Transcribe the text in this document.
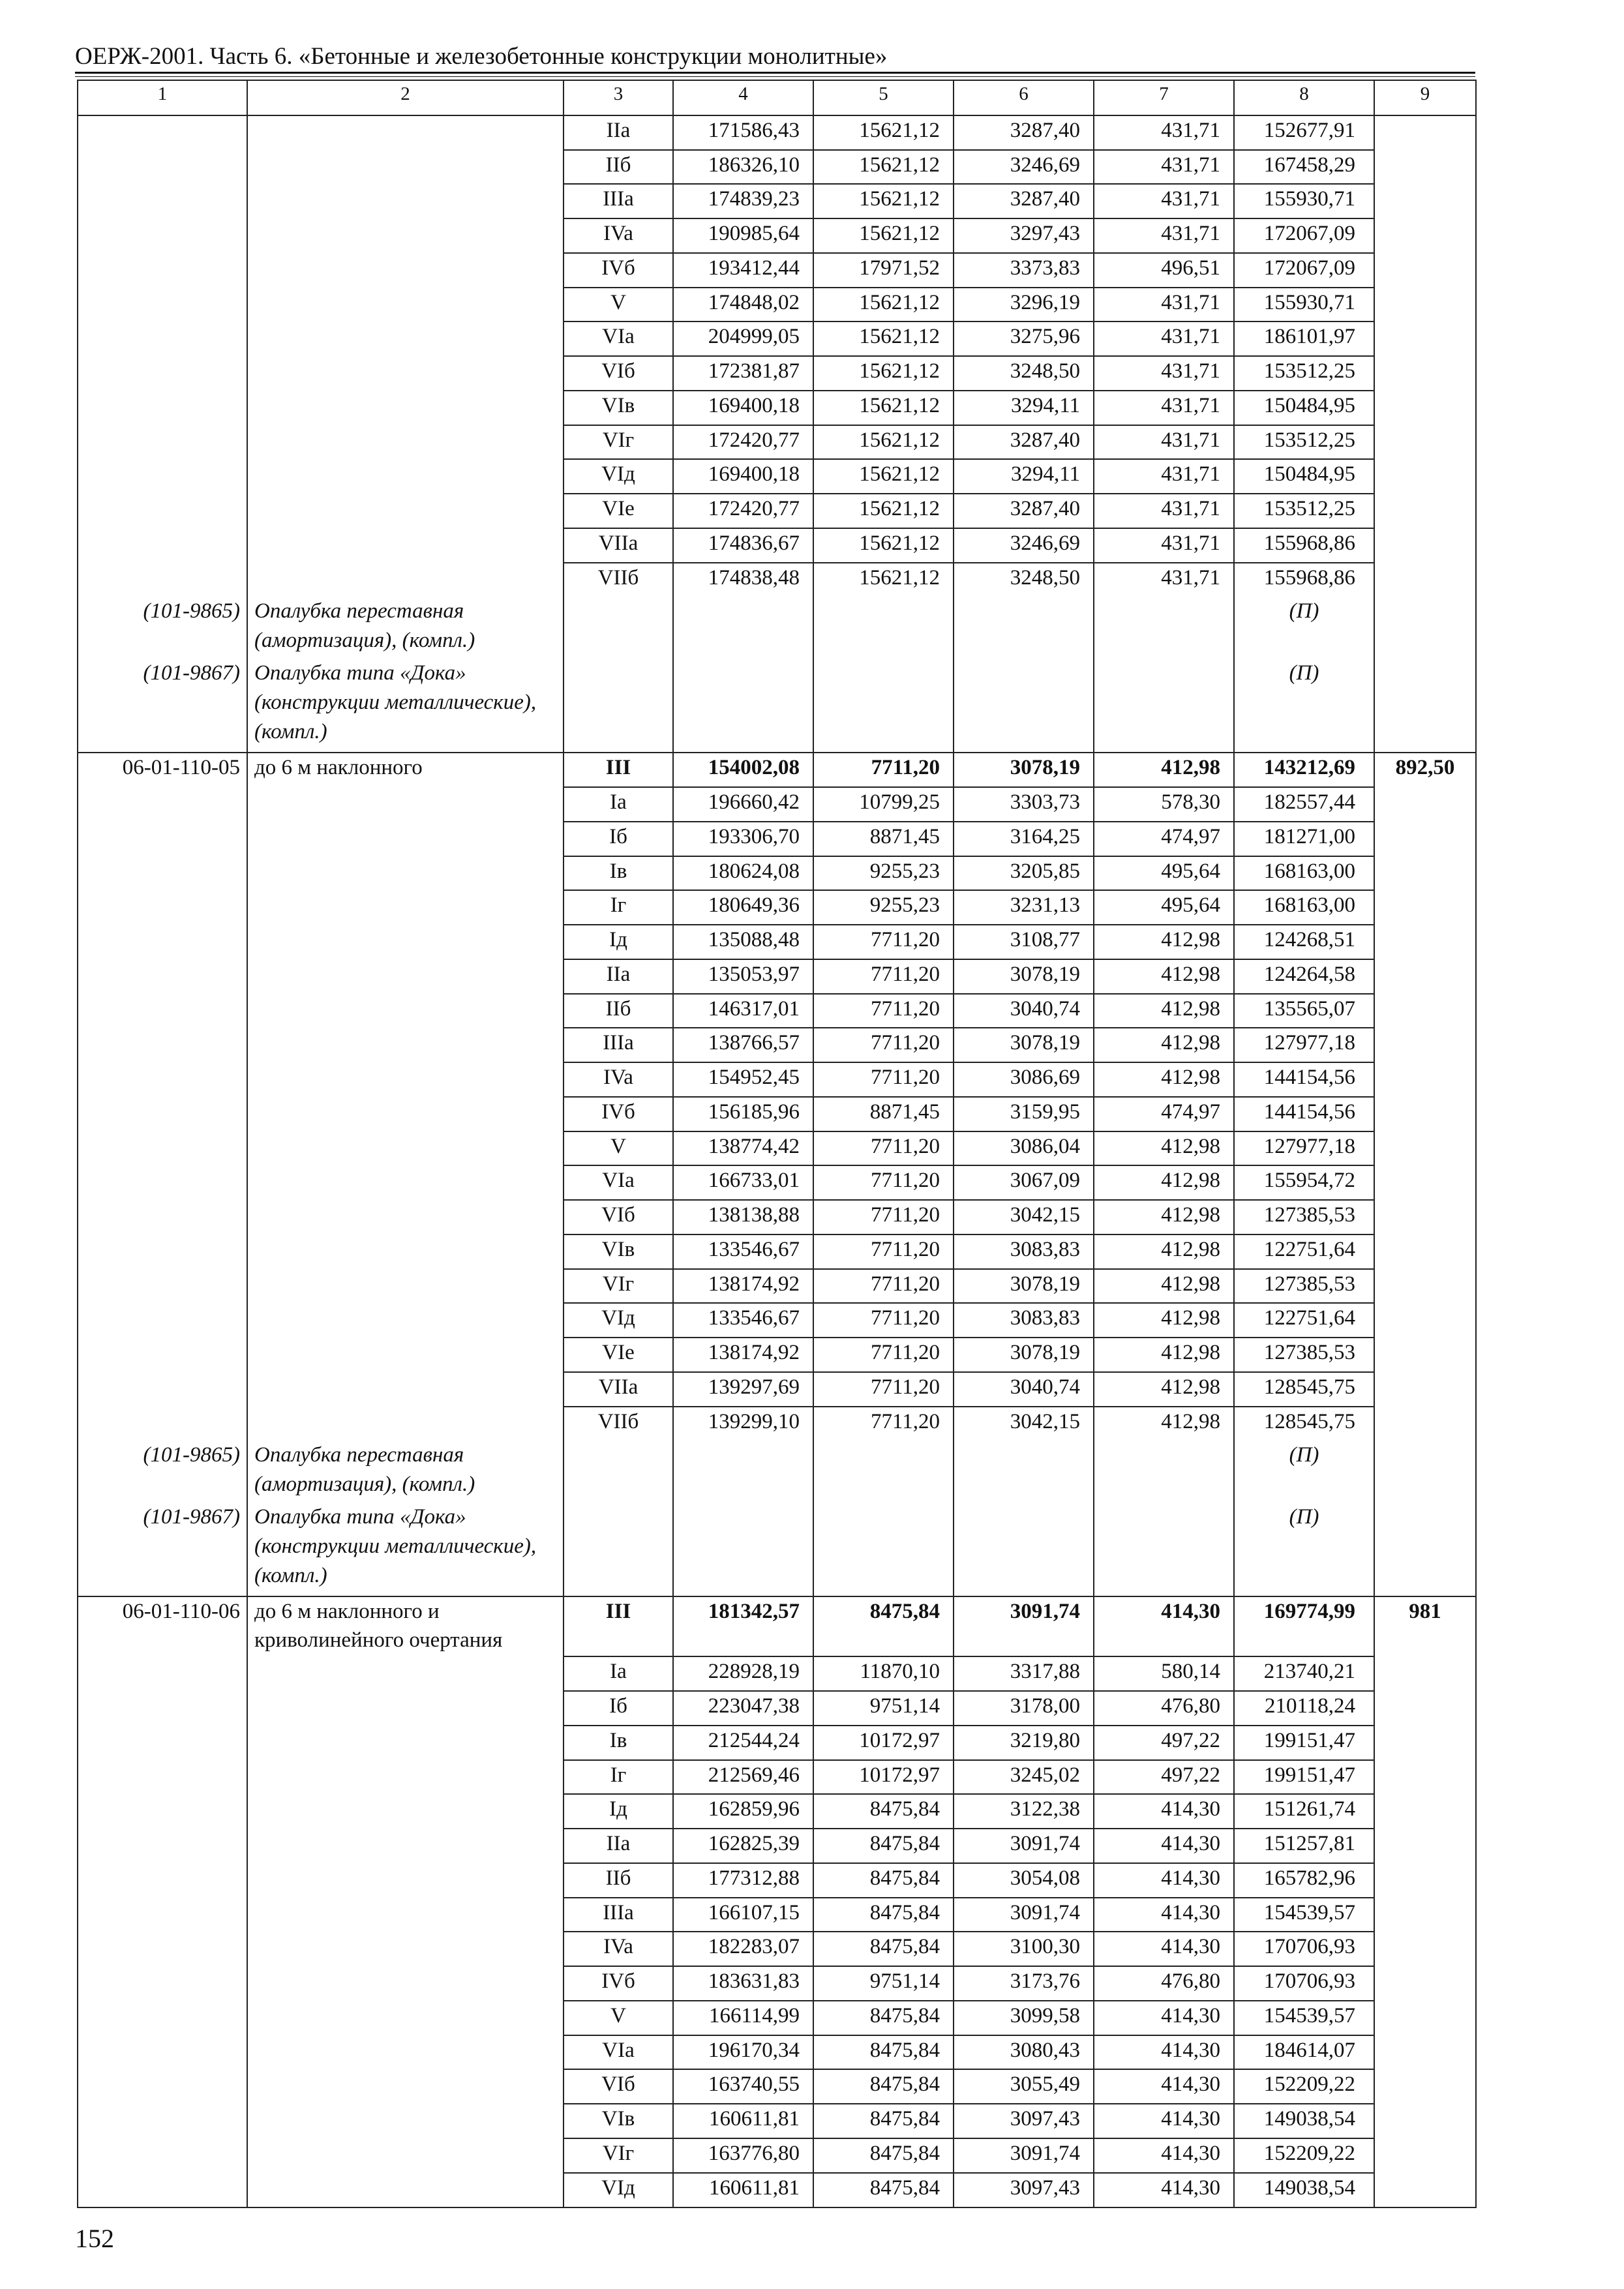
ОЕРЖ-2001. Часть 6. «Бетонные и железобетонные конструкции монолитные»
1	2	3	4	5	6	7	8	9
		IIa	171586,43	15621,12	3287,40	431,71	152677,91	
		IIб	186326,10	15621,12	3246,69	431,71	167458,29	
		IIIa	174839,23	15621,12	3287,40	431,71	155930,71	
		IVa	190985,64	15621,12	3297,43	431,71	172067,09	
		IVб	193412,44	17971,52	3373,83	496,51	172067,09	
		V	174848,02	15621,12	3296,19	431,71	155930,71	
		VIa	204999,05	15621,12	3275,96	431,71	186101,97	
		VIб	172381,87	15621,12	3248,50	431,71	153512,25	
		VIв	169400,18	15621,12	3294,11	431,71	150484,95	
		VIг	172420,77	15621,12	3287,40	431,71	153512,25	
		VIд	169400,18	15621,12	3294,11	431,71	150484,95	
		VIe	172420,77	15621,12	3287,40	431,71	153512,25	
		VIIa	174836,67	15621,12	3246,69	431,71	155968,86	
		VIIб	174838,48	15621,12	3248,50	431,71	155968,86	
(101-9865)	Опалубка переставная (амортизация), (компл.)						(П)	
(101-9867)	Опалубка типа «Дока» (конструкции металлические), (компл.)						(П)	
06-01-110-05	до 6 м наклонного	III	154002,08	7711,20	3078,19	412,98	143212,69	892,50
		Ia	196660,42	10799,25	3303,73	578,30	182557,44	
		Iб	193306,70	8871,45	3164,25	474,97	181271,00	
		Iв	180624,08	9255,23	3205,85	495,64	168163,00	
		Iг	180649,36	9255,23	3231,13	495,64	168163,00	
		Iд	135088,48	7711,20	3108,77	412,98	124268,51	
		IIa	135053,97	7711,20	3078,19	412,98	124264,58	
		IIб	146317,01	7711,20	3040,74	412,98	135565,07	
		IIIa	138766,57	7711,20	3078,19	412,98	127977,18	
		IVa	154952,45	7711,20	3086,69	412,98	144154,56	
		IVб	156185,96	8871,45	3159,95	474,97	144154,56	
		V	138774,42	7711,20	3086,04	412,98	127977,18	
		VIa	166733,01	7711,20	3067,09	412,98	155954,72	
		VIб	138138,88	7711,20	3042,15	412,98	127385,53	
		VIв	133546,67	7711,20	3083,83	412,98	122751,64	
		VIг	138174,92	7711,20	3078,19	412,98	127385,53	
		VIд	133546,67	7711,20	3083,83	412,98	122751,64	
		VIe	138174,92	7711,20	3078,19	412,98	127385,53	
		VIIa	139297,69	7711,20	3040,74	412,98	128545,75	
		VIIб	139299,10	7711,20	3042,15	412,98	128545,75	
(101-9865)	Опалубка переставная (амортизация), (компл.)						(П)	
(101-9867)	Опалубка типа «Дока» (конструкции металлические), (компл.)						(П)	
06-01-110-06	до 6 м наклонного и криволинейного очертания	III	181342,57	8475,84	3091,74	414,30	169774,99	981
		Ia	228928,19	11870,10	3317,88	580,14	213740,21	
		Iб	223047,38	9751,14	3178,00	476,80	210118,24	
		Iв	212544,24	10172,97	3219,80	497,22	199151,47	
		Iг	212569,46	10172,97	3245,02	497,22	199151,47	
		Iд	162859,96	8475,84	3122,38	414,30	151261,74	
		IIa	162825,39	8475,84	3091,74	414,30	151257,81	
		IIб	177312,88	8475,84	3054,08	414,30	165782,96	
		IIIa	166107,15	8475,84	3091,74	414,30	154539,57	
		IVa	182283,07	8475,84	3100,30	414,30	170706,93	
		IVб	183631,83	9751,14	3173,76	476,80	170706,93	
		V	166114,99	8475,84	3099,58	414,30	154539,57	
		VIa	196170,34	8475,84	3080,43	414,30	184614,07	
		VIб	163740,55	8475,84	3055,49	414,30	152209,22	
		VIв	160611,81	8475,84	3097,43	414,30	149038,54	
		VIг	163776,80	8475,84	3091,74	414,30	152209,22	
		VIд	160611,81	8475,84	3097,43	414,30	149038,54	
152
